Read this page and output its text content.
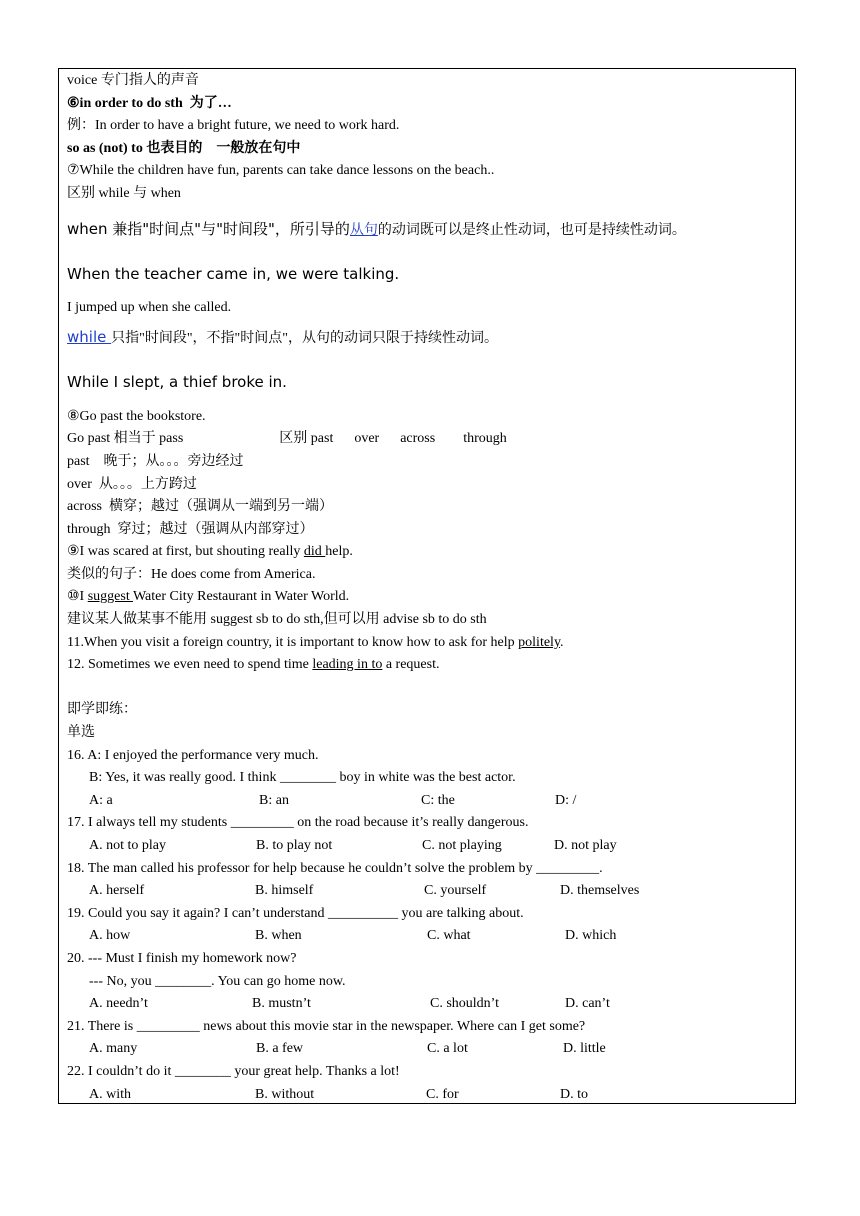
voice 专门指人的声音
⑥in order to do sth  为了…
例：In order to have a bright future, we need to work hard.
so as (not) to 也表目的    一般放在句中
⑦While the children have fun, parents can take dance lessons on the beach..
区别 while 与 when
when 兼指"时间点"与"时间段"，所引导的从句的动词既可以是终止性动词，也可是持续性动词。
When the teacher came in, we were talking.
I jumped up when she called.
while 只指"时间段"，不指"时间点"，从句的动词只限于持续性动词。
While I slept, a thief broke in.
⑧Go past the bookstore.
Go past 相当于 pass	区别 past      over      across        through
past    晚于；从。。。旁边经过
over  从。。。上方跨过
across  横穿；越过（强调从一端到另一端）
through  穿过；越过（强调从内部穿过）
⑨I was scared at first, but shouting really did help.
类似的句子：He does come from America.
⑩I suggest Water City Restaurant in Water World.
建议某人做某事不能用 suggest sb to do sth,但可以用 advise sb to do sth
11.When you visit a foreign country, it is important to know how to ask for help politely.
12. Sometimes we even need to spend time leading in to a request.
即学即练：
单选
16. A: I enjoyed the performance very much.
B: Yes, it was really good. I think ________ boy in white was the best actor.
A: a	B: an	C: the	D: /
17. I always tell my students _________ on the road because it’s really dangerous.
A. not to play	B. to play not	C. not playing	D. not play
18. The man called his professor for help because he couldn’t solve the problem by _________.
A. herself	B. himself	C. yourself	D. themselves
19. Could you say it again? I can’t understand __________ you are talking about.
A. how	B. when	C. what	D. which
20. --- Must I finish my homework now?
--- No, you ________. You can go home now.
A. needn’t	B. mustn’t	C. shouldn’t	D. can’t
21. There is _________ news about this movie star in the newspaper. Where can I get some?
A. many	B. a few	C. a lot	D. little
22. I couldn’t do it ________ your great help. Thanks a lot!
A. with	B. without	C. for	D. to
